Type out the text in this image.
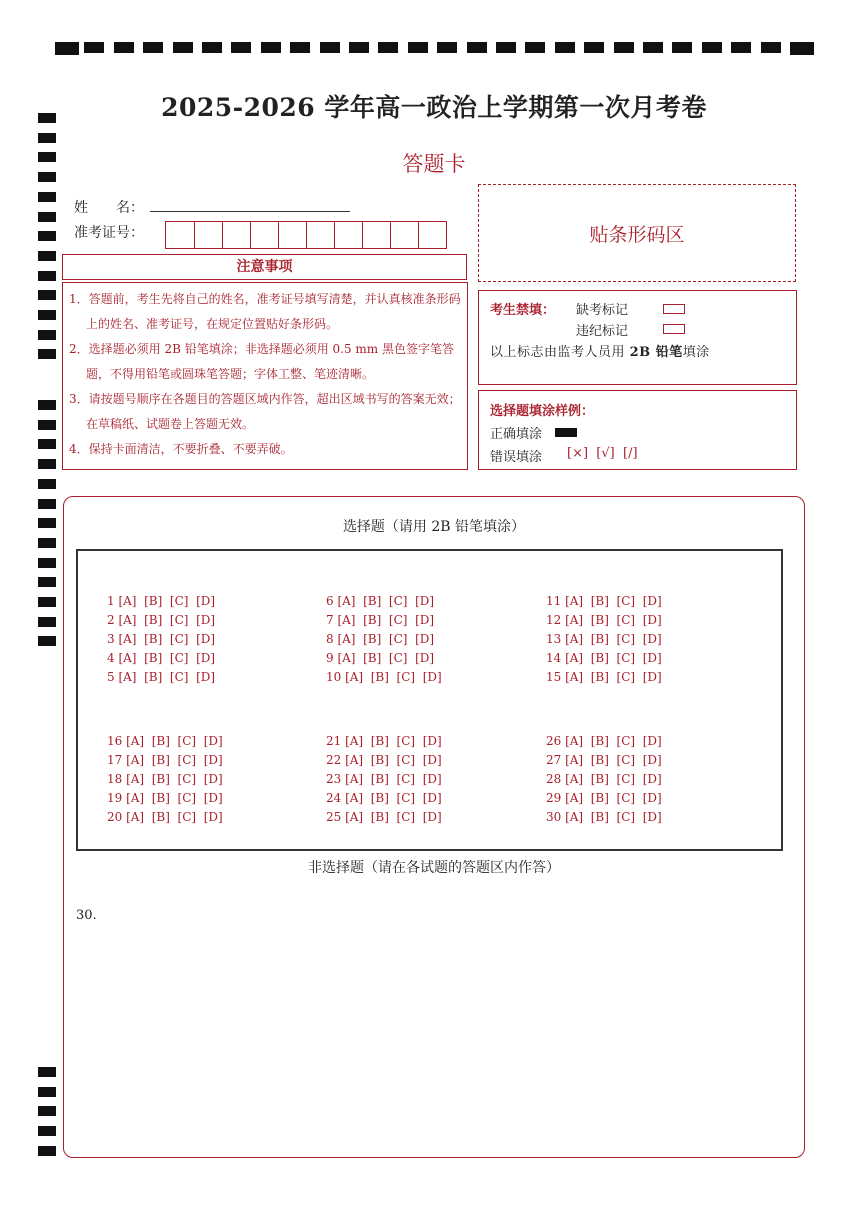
2025-2026 学年高一政治上学期第一次月考卷
答题卡
姓　　名：
准考证号：	贴条形码区
注意事项
1．答题前，考生先将自己的姓名，准考证号填写清楚，并认真核准条形码上的姓名、准考证号，在规定位置贴好条形码。
2．选择题必须用 2B 铅笔填涂；非选择题必须用 0.5 mm 黑色签字笔答题，不得用铅笔或圆珠笔答题；字体工整、笔迹清晰。
3．请按题号顺序在各题目的答题区域内作答，超出区域书写的答案无效；在草稿纸、试题卷上答题无效。
4．保持卡面清洁，不要折叠、不要弄破。
考生禁填： 缺考标记
违纪标记
以上标志由监考人员用 2B 铅笔填涂
选择题填涂样例：
正确填涂
错误填涂 [×]  [√]  [/]
选择题（请用 2B 铅笔填涂）
1 [A]  [B]  [C]  [D]
2 [A]  [B]  [C]  [D]
3 [A]  [B]  [C]  [D]
4 [A]  [B]  [C]  [D]
5 [A]  [B]  [C]  [D]
6 [A]  [B]  [C]  [D]
7 [A]  [B]  [C]  [D]
8 [A]  [B]  [C]  [D]
9 [A]  [B]  [C]  [D]
10 [A]  [B]  [C]  [D]
11 [A]  [B]  [C]  [D]
12 [A]  [B]  [C]  [D]
13 [A]  [B]  [C]  [D]
14 [A]  [B]  [C]  [D]
15 [A]  [B]  [C]  [D]
16 [A]  [B]  [C]  [D]
17 [A]  [B]  [C]  [D]
18 [A]  [B]  [C]  [D]
19 [A]  [B]  [C]  [D]
20 [A]  [B]  [C]  [D]
21 [A]  [B]  [C]  [D]
22 [A]  [B]  [C]  [D]
23 [A]  [B]  [C]  [D]
24 [A]  [B]  [C]  [D]
25 [A]  [B]  [C]  [D]
26 [A]  [B]  [C]  [D]
27 [A]  [B]  [C]  [D]
28 [A]  [B]  [C]  [D]
29 [A]  [B]  [C]  [D]
30 [A]  [B]  [C]  [D]
非选择题（请在各试题的答题区内作答）
30.
